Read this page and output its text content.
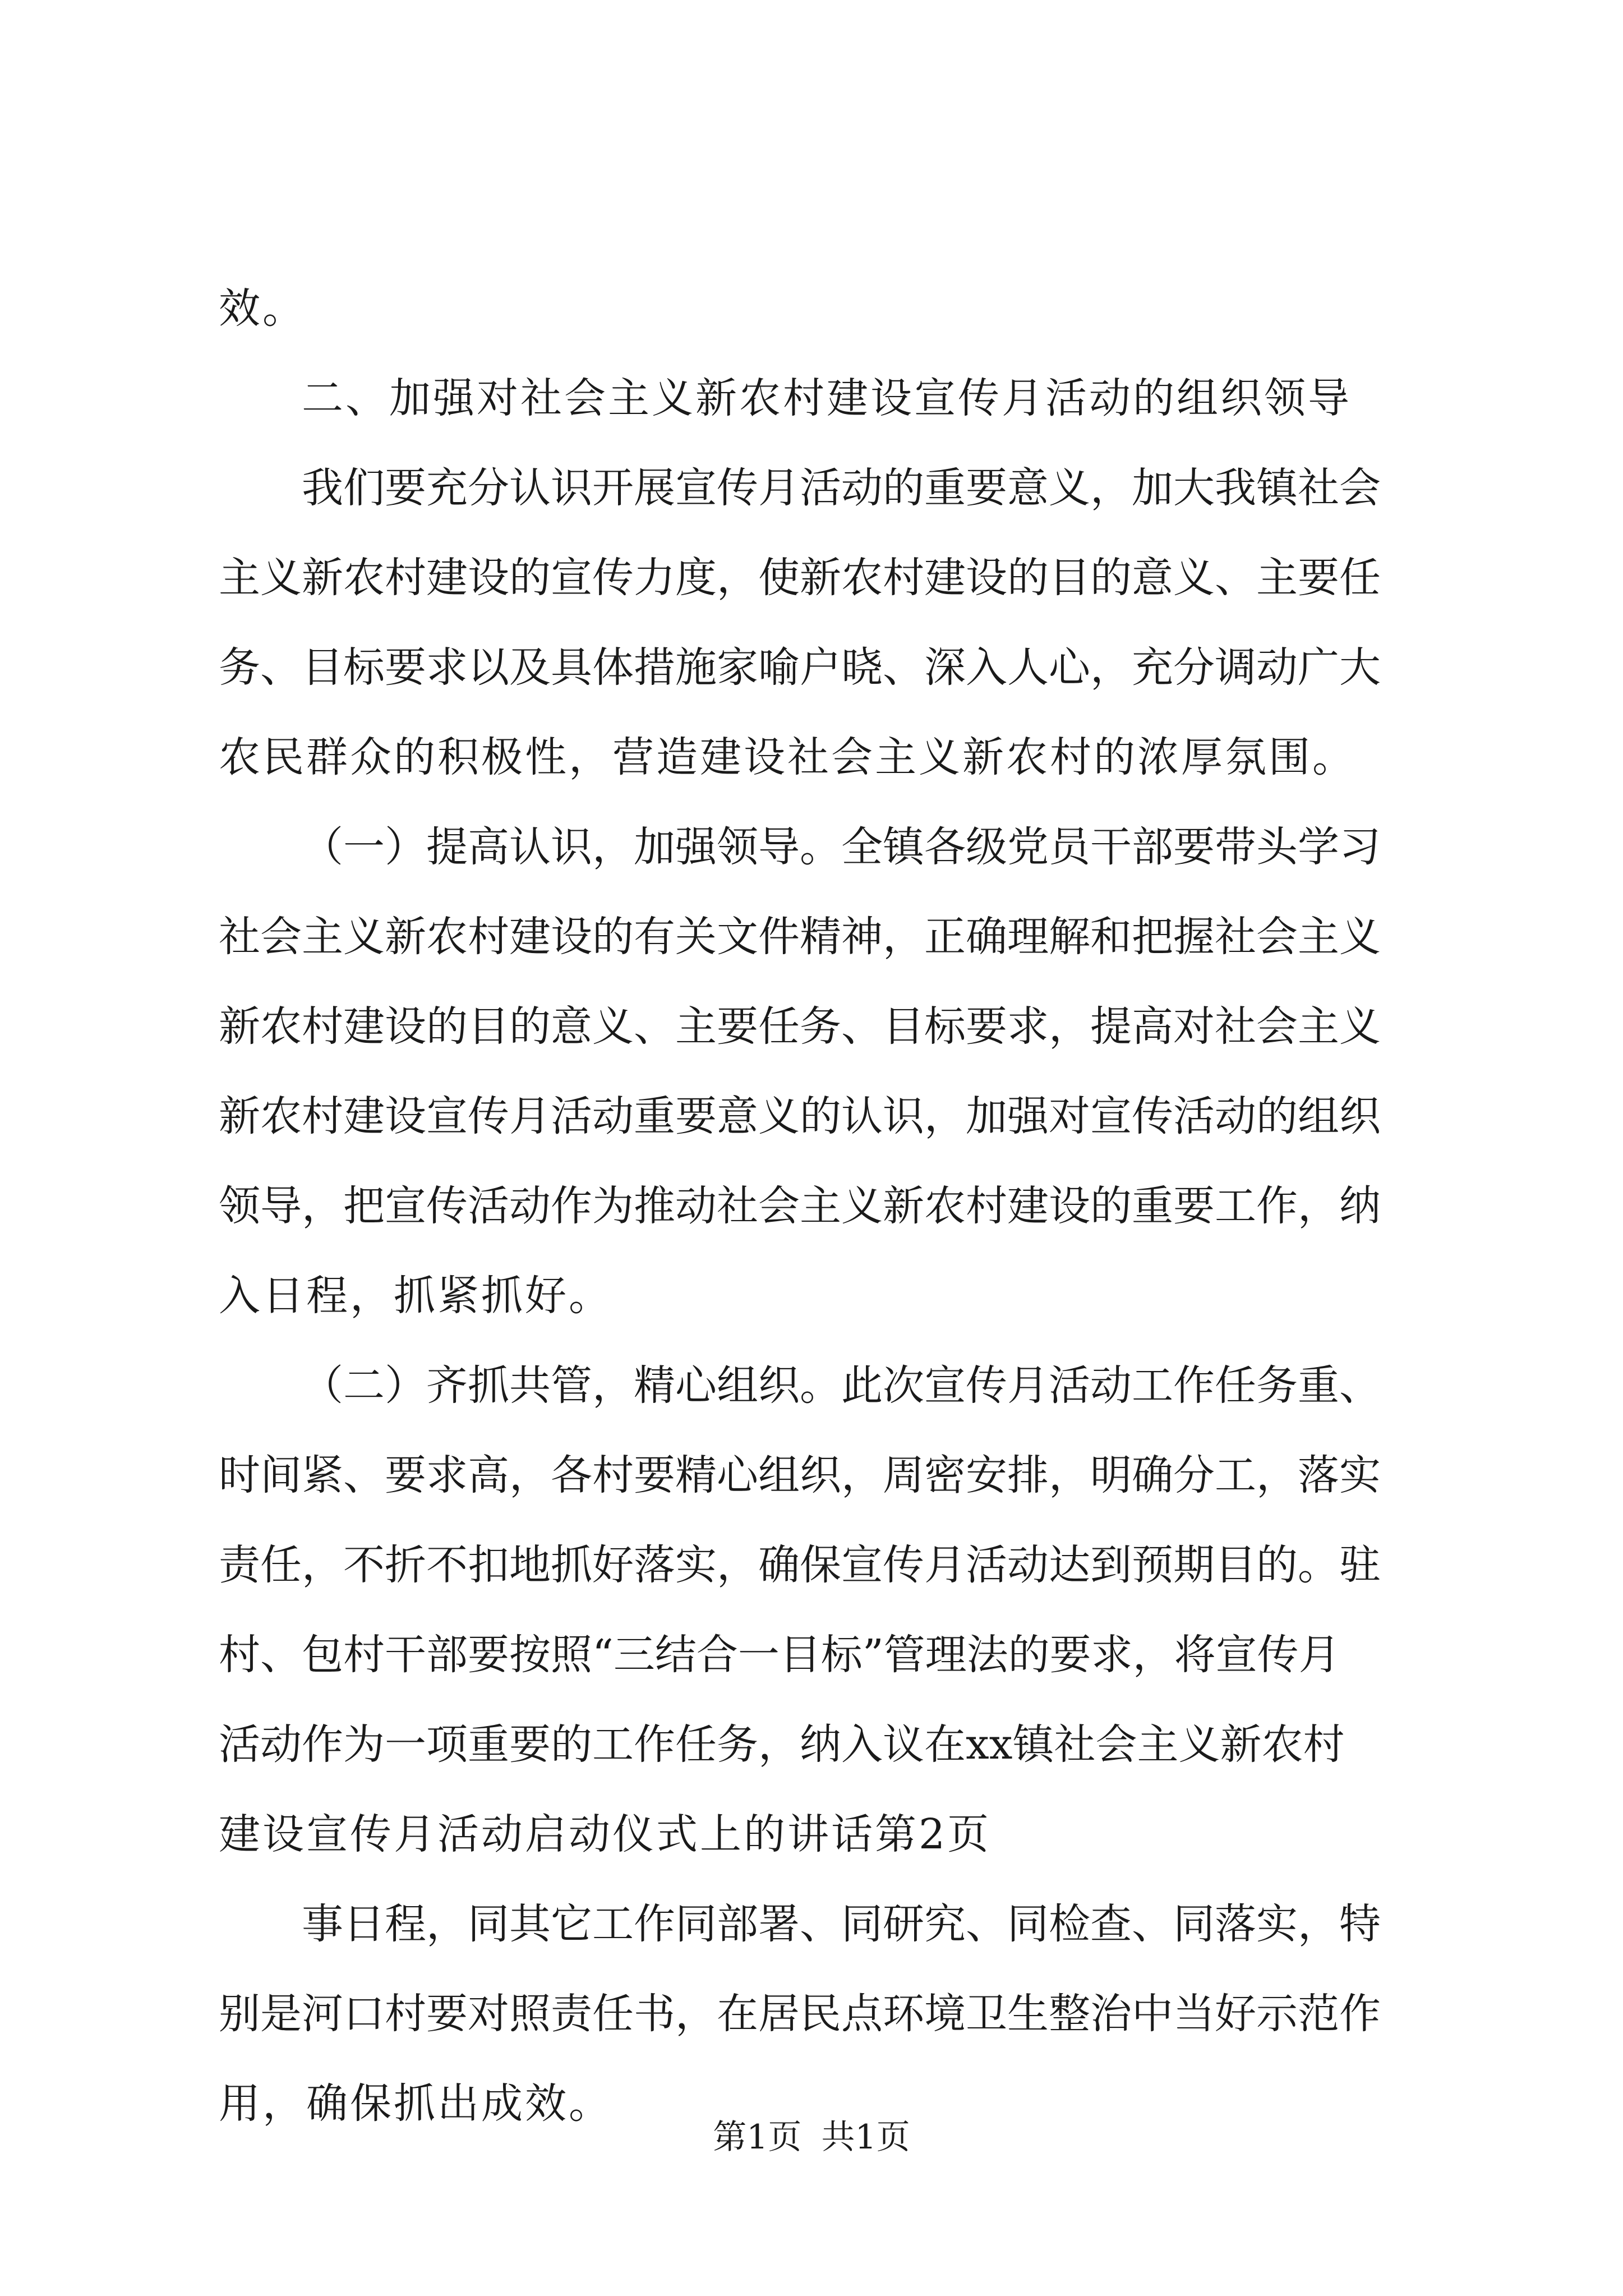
效。
二、加强对社会主义新农村建设宣传月活动的组织领导
我们要充分认识开展宣传月活动的重要意义，加大我镇社会
主义新农村建设的宣传力度，使新农村建设的目的意义、主要任
务、目标要求以及具体措施家喻户晓、深入人心，充分调动广大
农民群众的积极性，营造建设社会主义新农村的浓厚氛围。
（一）提高认识，加强领导。全镇各级党员干部要带头学习
社会主义新农村建设的有关文件精神，正确理解和把握社会主义
新农村建设的目的意义、主要任务、目标要求，提高对社会主义
新农村建设宣传月活动重要意义的认识，加强对宣传活动的组织
领导，把宣传活动作为推动社会主义新农村建设的重要工作，纳
入日程，抓紧抓好。
（二）齐抓共管，精心组织。此次宣传月活动工作任务重、
时间紧、要求高，各村要精心组织，周密安排，明确分工，落实
责任，不折不扣地抓好落实，确保宣传月活动达到预期目的。驻
村、包村干部要按照“三结合一目标”管理法的要求，将宣传月
活动作为一项重要的工作任务，纳入议在xx镇社会主义新农村
建设宣传月活动启动仪式上的讲话第2页
事日程，同其它工作同部署、同研究、同检查、同落实，特
别是河口村要对照责任书，在居民点环境卫生整治中当好示范作
用，确保抓出成效。
第1页 共1页
